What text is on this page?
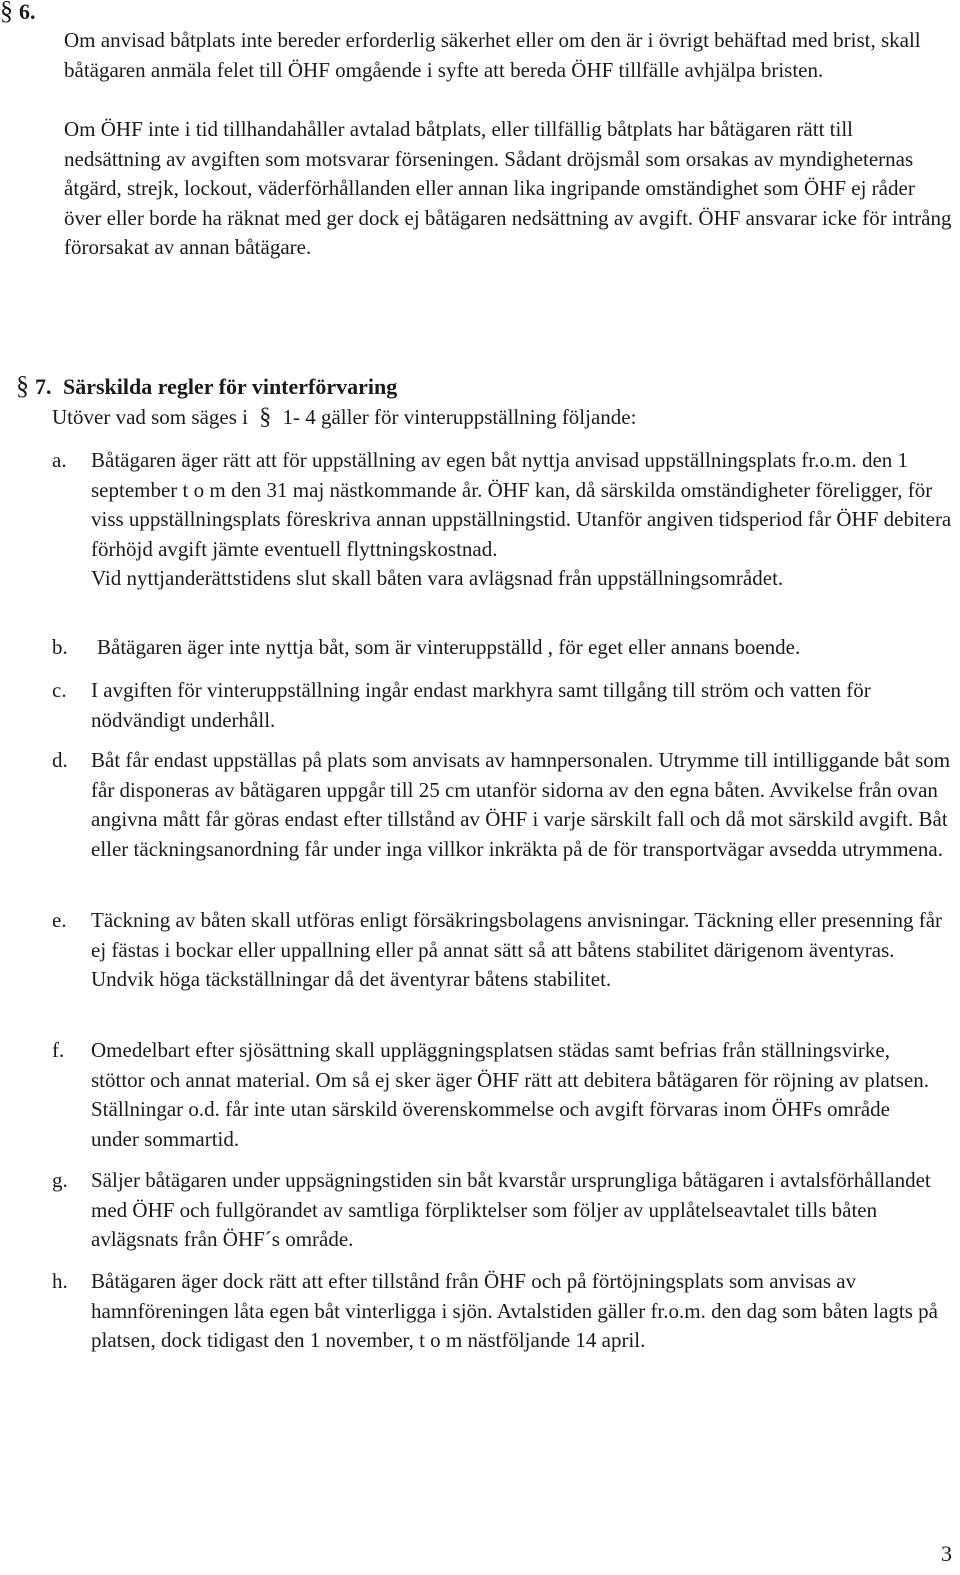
§ 6.

Om anvisad båtplats inte bereder erforderlig säkerhet eller om den är i övrigt behäftad med brist, skall båtägaren anmäla felet till ÖHF omgående i syfte att bereda ÖHF tillfälle avhjälpa bristen.

Om ÖHF inte i tid tillhandahåller avtalad båtplats, eller tillfällig båtplats har båtägaren rätt till nedsättning av avgiften som motsvarar förseningen. Sådant dröjsmål som orsakas av myndigheternas åtgärd, strejk, lockout, väderförhållanden eller annan lika ingripande omständighet som ÖHF ej råder över eller borde ha räknat med ger dock ej båtägaren nedsättning av avgift. ÖHF ansvarar icke för intrång förorsakat av annan båtägare.

§ 7. Särskilda regler för vinterförvaring
Utöver vad som säges i § 1- 4 gäller för vinteruppställning följande:
a. Båtägaren äger rätt att för uppställning av egen båt nyttja anvisad uppställningsplats fr.o.m. den 1 september t o m den 31 maj nästkommande år. ÖHF kan, då särskilda omständigheter föreligger, för viss uppställningsplats föreskriva annan uppställningstid. Utanför angiven tidsperiod får ÖHF debitera förhöjd avgift jämte eventuell flyttningskostnad.
Vid nyttjanderättstidens slut skall båten vara avlägsnad från uppställningsområdet.
b. Båtägaren äger inte nyttja båt, som är vinteruppställd , för eget eller annans boende.
c. I avgiften för vinteruppställning ingår endast markhyra samt tillgång till ström och vatten för nödvändigt underhåll.
d. Båt får endast uppställas på plats som anvisats av hamnpersonalen. Utrymme till intilliggande båt som får disponeras av båtägaren uppgår till 25 cm utanför sidorna av den egna båten. Avvikelse från ovan angivna mått får göras endast efter tillstånd av ÖHF i varje särskilt fall och då mot särskild avgift. Båt eller täckningsanordning får under inga villkor inkräkta på de för transportvägar avsedda utrymmena.
e. Täckning av båten skall utföras enligt försäkringsbolagens anvisningar. Täckning eller presenning får ej fästas i bockar eller uppallning eller på annat sätt så att båtens stabilitet därigenom äventyras. Undvik höga täckställningar då det äventyrar båtens stabilitet.
f. Omedelbart efter sjösättning skall uppläggningsplatsen städas samt befrias från ställningsvirke, stöttor och annat material. Om så ej sker äger ÖHF rätt att debitera båtägaren för röjning av platsen. Ställningar o.d. får inte utan särskild överenskommelse och avgift förvaras inom ÖHFs område under sommartid.
g. Säljer båtägaren under uppsägningstiden sin båt kvarstår ursprungliga båtägaren i avtalsförhållandet med ÖHF och fullgörandet av samtliga förpliktelser som följer av upplåtelseavtalet tills båten avlägsnats från ÖHF´s område.
h. Båtägaren äger dock rätt att efter tillstånd från ÖHF och på förtöjningsplats som anvisas av hamnföreningen låta egen båt vinterligga i sjön. Avtalstiden gäller fr.o.m. den dag som båten lagts på platsen, dock tidigast den 1 november, t o m nästföljande 14 april.
3
